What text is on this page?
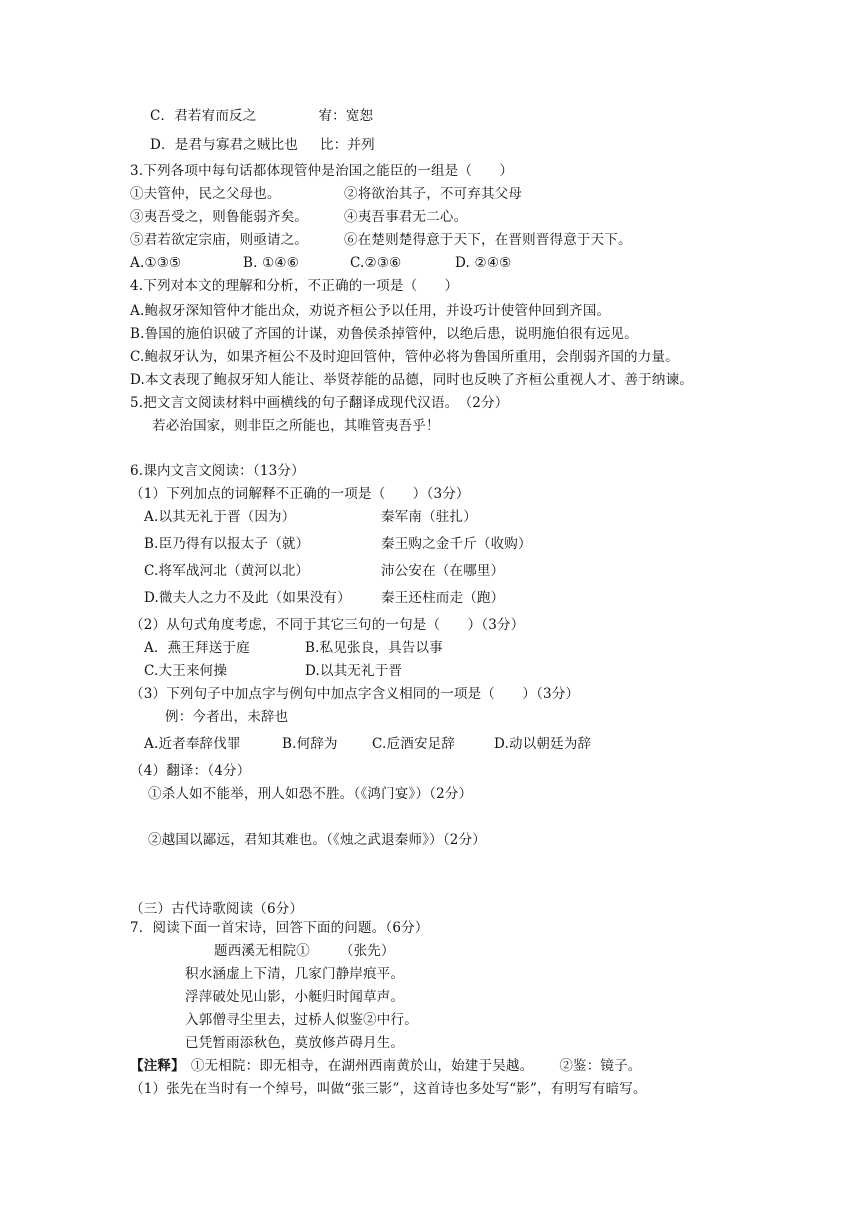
C．君若宥而反之	宥：宽恕
D．是君与寡君之贼比也 比：并列
3.下列各项中每句话都体现管仲是治国之能臣的一组是（　　）
①夫管仲，民之父母也。	②将欲治其子，不可弃其父母
③夷吾受之，则鲁能弱齐矣。	④夷吾事君无二心。
⑤君若欲定宗庙，则亟请之。	⑥在楚则楚得意于天下，在晋则晋得意于天下。
A.①③⑤	B. ①④⑥	C.②③⑥	D. ②④⑤
4.下列对本文的理解和分析，不正确的一项是（　　）
A.鲍叔牙深知管仲才能出众，劝说齐桓公予以任用，并设巧计使管仲回到齐国。
B.鲁国的施伯识破了齐国的计谋，劝鲁侯杀掉管仲，以绝后患，说明施伯很有远见。
C.鲍叔牙认为，如果齐桓公不及时迎回管仲，管仲必将为鲁国所重用，会削弱齐国的力量。
D.本文表现了鲍叔牙知人能让、举贤荐能的品德，同时也反映了齐桓公重视人才、善于纳谏。
5.把文言文阅读材料中画横线的句子翻译成现代汉语。　（2分）
若必治国家，则非臣之所能也，其唯管夷吾乎！
6.课内文言文阅读：（13分）
（1）下列加点的词解释不正确的一项是（　　）（3分）
A.以其无礼于晋（因为）	秦军南（驻扎）
B.臣乃得有以报太子（就）	秦王购之金千斤（收购）
C.将军战河北（黄河以北）	沛公安在（在哪里）
D.微夫人之力不及此（如果没有） 秦王还柱而走（跑）
（2）从句式角度考虑，不同于其它三句的一句是（　　）（3分）
A．燕王拜送于庭	B.私见张良，具告以事
C.大王来何操	D.以其无礼于晋
（3）下列句子中加点字与例句中加点字含义相同的一项是（　　）（3分）
例：今者出，未辞也
A.近者奉辞伐罪	B.何辞为	C.卮酒安足辞	D.动以朝廷为辞
（4）翻译：（4分）
①杀人如不能举，刑人如恐不胜。（《鸿门宴》）（2分）
②越国以鄙远，君知其难也。（《烛之武退秦师》）（2分）
（三）古代诗歌阅读（6分）
7．阅读下面一首宋诗，回答下面的问题。（6分）
题西溪无相院① （张先）
积水涵虚上下清，几家门静岸痕平。
浮萍破处见山影，小艇归时闻草声。
入郭僧寻尘里去，过桥人似鉴②中行。
已凭暂雨添秋色，莫放修芦碍月生。
【注释】 ①无相院：即无相寺，在湖州西南黄於山，始建于吴越。 ②鉴：镜子。
（1）张先在当时有一个绰号，叫做“张三影”，这首诗也多处写“影”，有明写有暗写。
